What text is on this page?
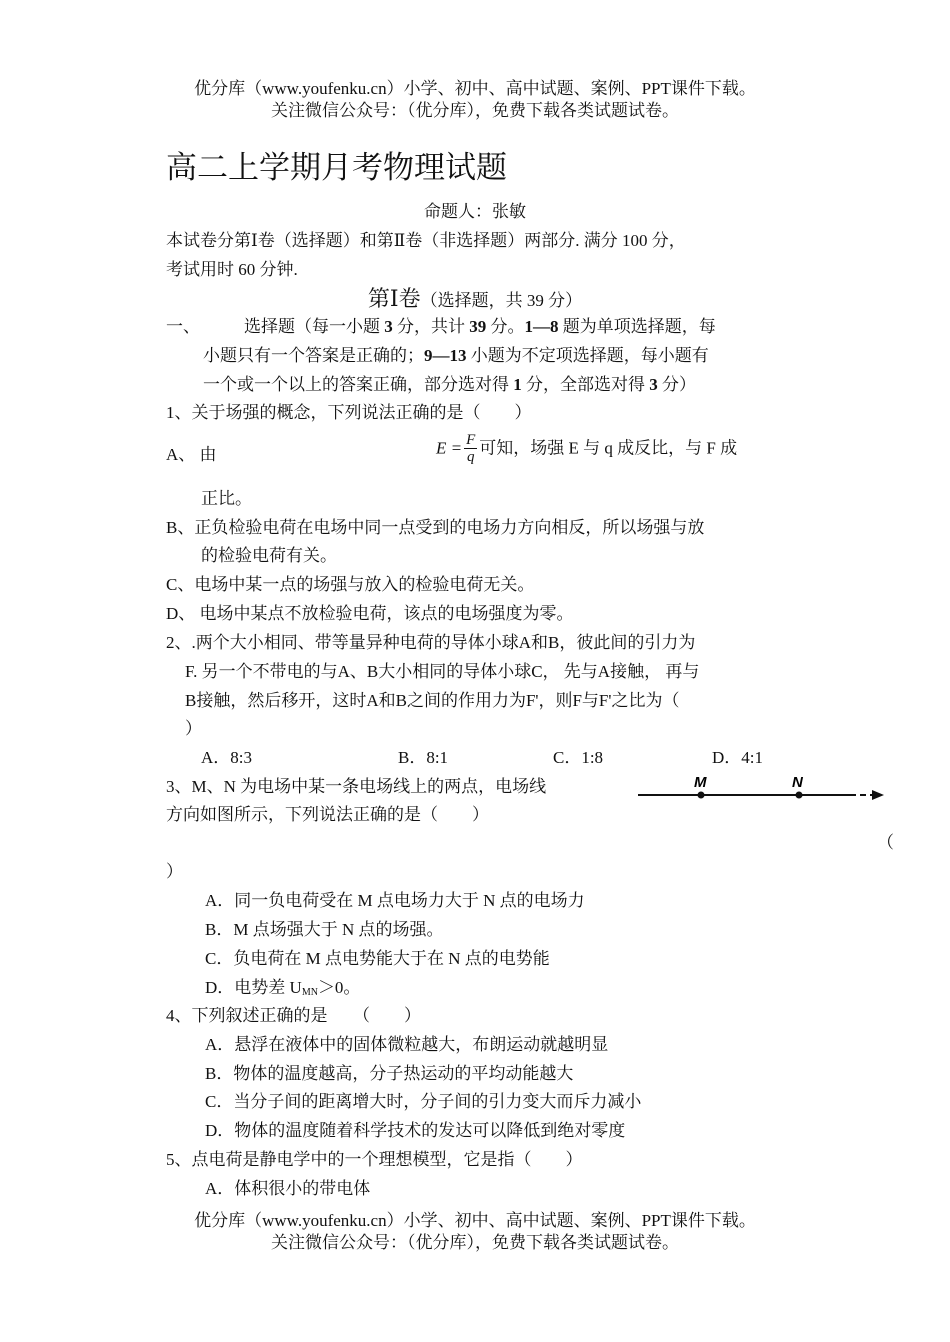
优分库（www.youfenku.cn）小学、初中、高中试题、案例、PPT课件下载。
关注微信公众号：（优分库），免费下载各类试题试卷。
高二上学期月考物理试题
命题人：张敏
本试卷分第Ⅰ卷（选择题）和第Ⅱ卷（非选择题）两部分. 满分 100 分，
考试用时 60 分钟.
第Ⅰ卷（选择题，共 39 分）
一、	选择题（每一小题 3 分，共计 39 分。1—8 题为单项选择题，每
小题只有一个答案是正确的；9—13 小题为不定项选择题，每小题有
一个或一个以上的答案正确，部分选对得 1 分，全部选对得 3 分）
1、关于场强的概念，下列说法正确的是（　　）
A、 由	$E = \frac{F}{q}$ 可知，场强 E 与 q 成反比，与 F 成
正比。
B、正负检验电荷在电场中同一点受到的电场力方向相反，所以场强与放
的检验电荷有关。
C、电场中某一点的场强与放入的检验电荷无关。
D、 电场中某点不放检验电荷，该点的电场强度为零。
2、.两个大小相同、带等量异种电荷的导体小球A和B，彼此间的引力为
F. 另一个不带电的与A、B大小相同的导体小球C， 先与A接触， 再与
B接触，然后移开，这时A和B之间的作用力为F'，则F与F'之比为（
）
A．8:3	B．8:1	C．1:8	D．4:1
3、M、N 为电场中某一条电场线上的两点，电场线
方向如图所示，下列说法正确的是（　　）
M	N
（
）
A．同一负电荷受在 M 点电场力大于 N 点的电场力
B．M 点场强大于 N 点的场强。
C．负电荷在 M 点电势能大于在 N 点的电势能
D．电势差 $U_{MN}>0$。
4、下列叙述正确的是　　（　　）
A．悬浮在液体中的固体微粒越大，布朗运动就越明显
B．物体的温度越高，分子热运动的平均动能越大
C．当分子间的距离增大时，分子间的引力变大而斥力减小
D．物体的温度随着科学技术的发达可以降低到绝对零度
5、点电荷是静电学中的一个理想模型，它是指（　　）
A．体积很小的带电体
优分库（www.youfenku.cn）小学、初中、高中试题、案例、PPT课件下载。
关注微信公众号：（优分库），免费下载各类试题试卷。
